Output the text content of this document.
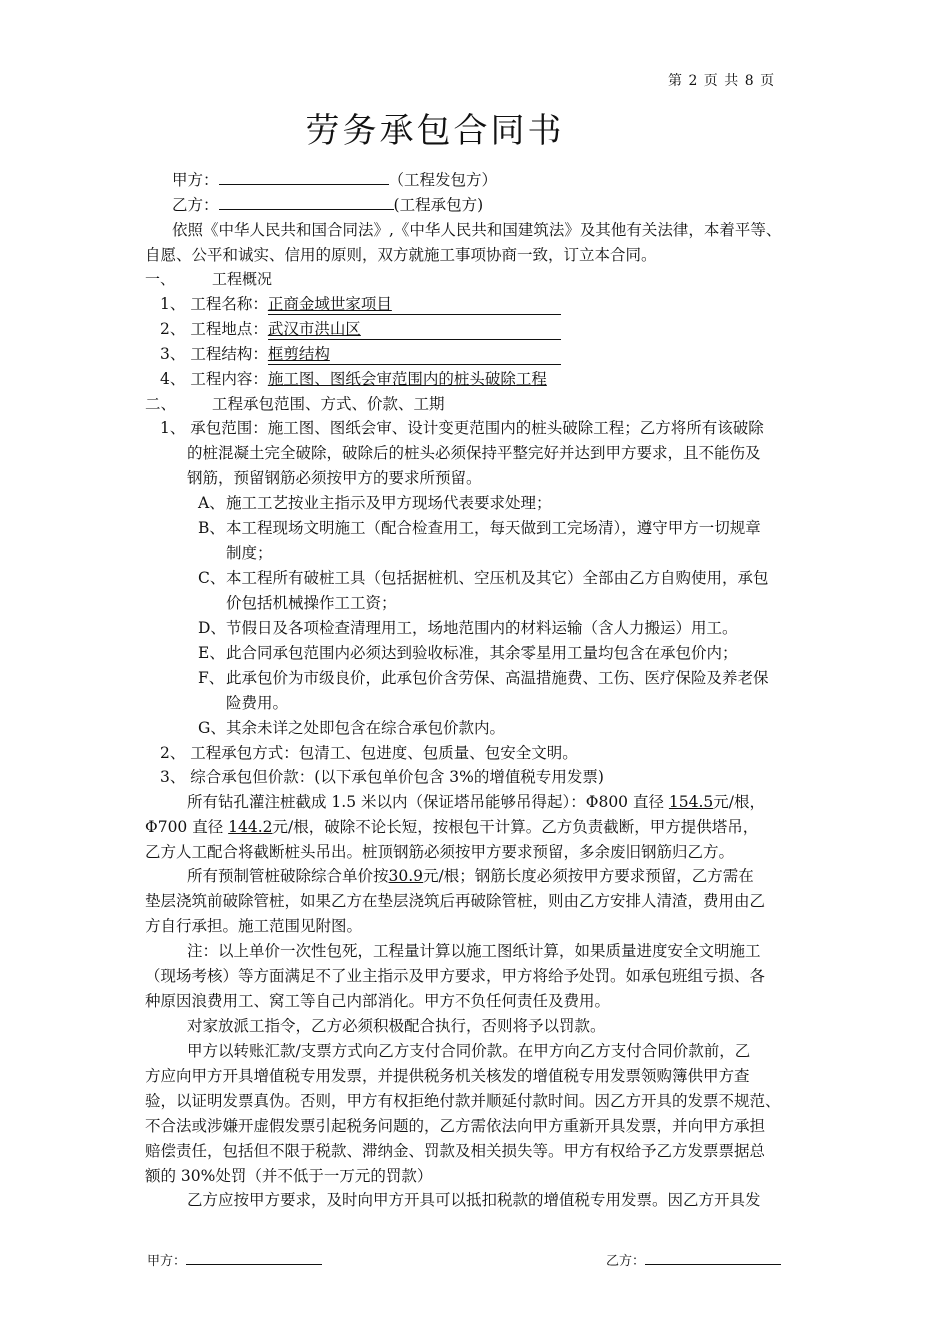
第 2 页 共 8 页
劳务承包合同书
甲方：	（工程发包方）
乙方：	(工程承包方)
依照《中华人民共和国合同法》,《中华人民共和国建筑法》及其他有关法律，本着平等、
自愿、公平和诚实、信用的原则，双方就施工事项协商一致，订立本合同。
一、 工程概况
1、 工程名称：正商金域世家项目
2、 工程地点：武汉市洪山区
3、 工程结构：框剪结构
4、 工程内容：施工图、图纸会审范围内的桩头破除工程
二、 工程承包范围、方式、价款、工期
1、 承包范围：施工图、图纸会审、设计变更范围内的桩头破除工程；乙方将所有该破除
的桩混凝土完全破除，破除后的桩头必须保持平整完好并达到甲方要求，且不能伤及
钢筋，预留钢筋必须按甲方的要求所预留。
A、 施工工艺按业主指示及甲方现场代表要求处理；
B、 本工程现场文明施工（配合检查用工，每天做到工完场清），遵守甲方一切规章
制度；
C、 本工程所有破桩工具（包括据桩机、空压机及其它）全部由乙方自购使用，承包
价包括机械操作工工资；
D、 节假日及各项检查清理用工，场地范围内的材料运输（含人力搬运）用工。
E、 此合同承包范围内必须达到验收标准，其余零星用工量均包含在承包价内；
F、 此承包价为市级良价，此承包价含劳保、高温措施费、工伤、医疗保险及养老保
险费用。
G、 其余未详之处即包含在综合承包价款内。
2、 工程承包方式：包清工、包进度、包质量、包安全文明。
3、 综合承包但价款：(以下承包单价包含 3%的增值税专用发票)
所有钻孔灌注桩截成 1.5 米以内（保证塔吊能够吊得起）：Φ800 直径 154.5元/根，
Φ700 直径 144.2元/根，破除不论长短，按根包干计算。乙方负责截断，甲方提供塔吊，
乙方人工配合将截断桩头吊出。桩顶钢筋必须按甲方要求预留，多余废旧钢筋归乙方。
所有预制管桩破除综合单价按30.9元/根；钢筋长度必须按甲方要求预留，乙方需在
垫层浇筑前破除管桩，如果乙方在垫层浇筑后再破除管桩，则由乙方安排人清渣，费用由乙
方自行承担。施工范围见附图。
注：以上单价一次性包死，工程量计算以施工图纸计算，如果质量进度安全文明施工
（现场考核）等方面满足不了业主指示及甲方要求，甲方将给予处罚。如承包班组亏损、各
种原因浪费用工、窝工等自己内部消化。甲方不负任何责任及费用。
对家放派工指令，乙方必须积极配合执行，否则将予以罚款。
甲方以转账汇款/支票方式向乙方支付合同价款。在甲方向乙方支付合同价款前，乙
方应向甲方开具增值税专用发票，并提供税务机关核发的增值税专用发票领购簿供甲方查
验，以证明发票真伪。否则，甲方有权拒绝付款并顺延付款时间。因乙方开具的发票不规范、
不合法或涉嫌开虚假发票引起税务问题的，乙方需依法向甲方重新开具发票，并向甲方承担
赔偿责任，包括但不限于税款、滞纳金、罚款及相关损失等。甲方有权给予乙方发票票据总
额的 30%处罚（并不低于一万元的罚款）
乙方应按甲方要求，及时向甲方开具可以抵扣税款的增值税专用发票。因乙方开具发
甲方：	乙方：
